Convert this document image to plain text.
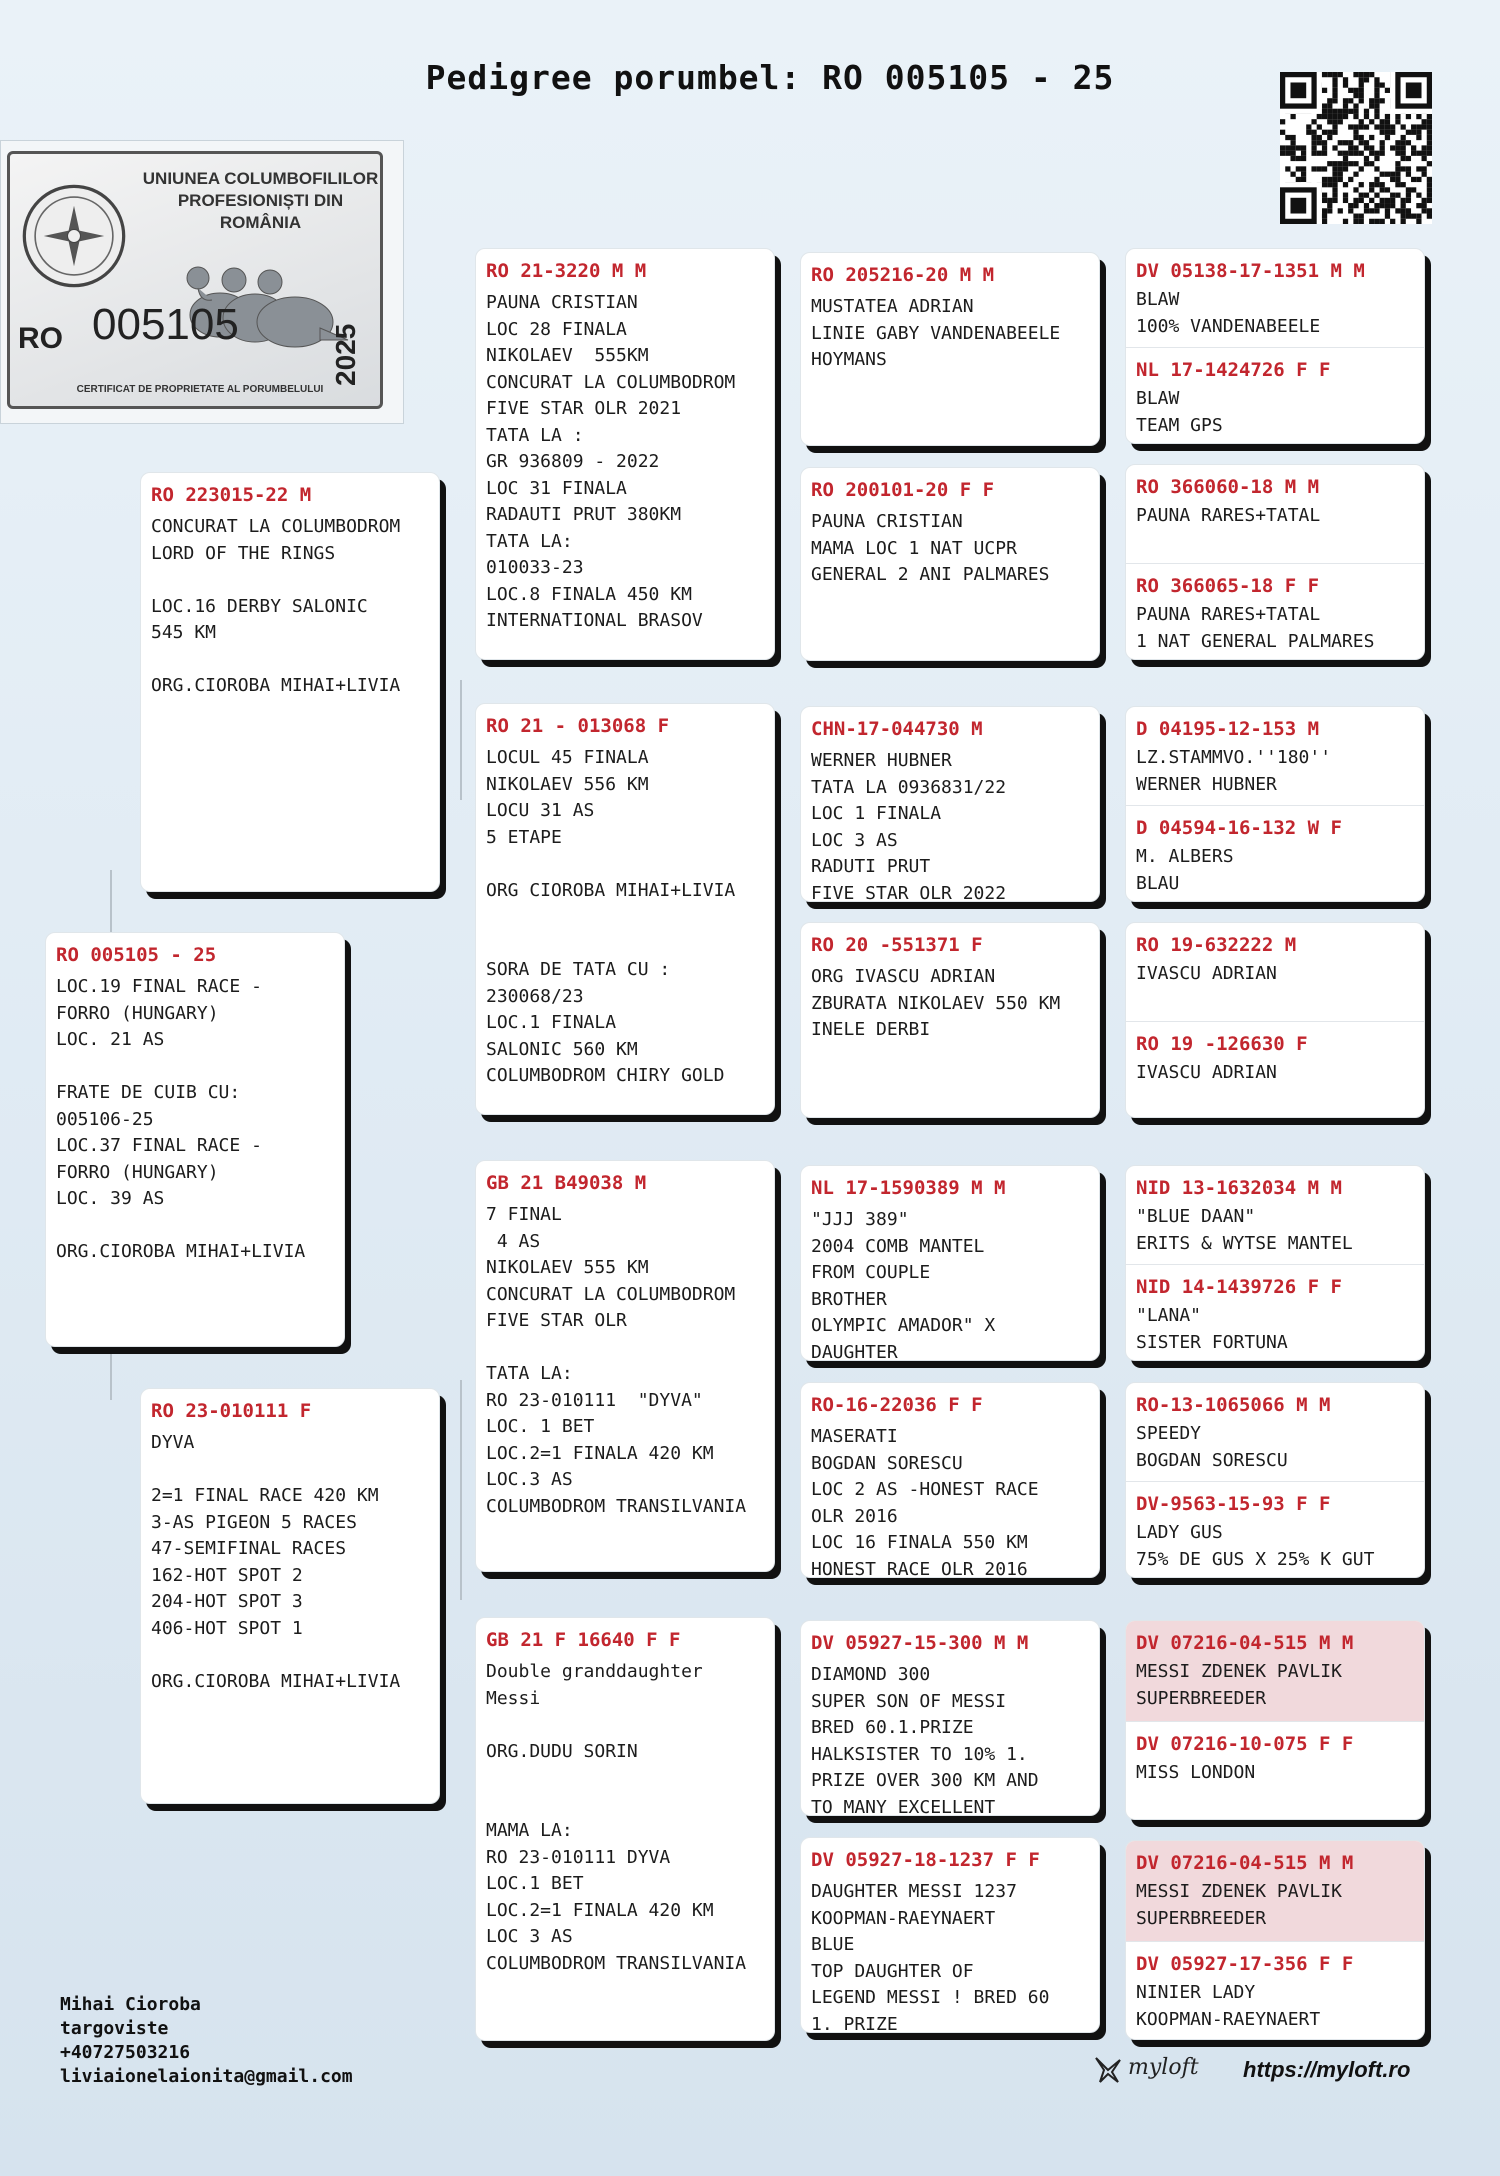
Pedigree porumbel: RO 005105 - 25
UNIUNEA COLUMBOFILILOR PROFESIONIȘTI DIN ROMÂNIA
RO 005105	2025
CERTIFICAT DE PROPRIETATE AL PORUMBELULUI
RO 005105 - 25
LOC.19 FINAL RACE -
FORRO (HUNGARY)
LOC. 21 AS

FRATE DE CUIB CU:
005106-25
LOC.37 FINAL RACE -
FORRO (HUNGARY)
LOC. 39 AS

ORG.CIOROBA MIHAI+LIVIA
RO 223015-22 M
CONCURAT LA COLUMBODROM
LORD OF THE RINGS

LOC.16 DERBY SALONIC
545 KM

ORG.CIOROBA MIHAI+LIVIA
RO 23-010111 F
DYVA

2=1 FINAL RACE 420 KM
3-AS PIGEON 5 RACES
47-SEMIFINAL RACES
162-HOT SPOT 2
204-HOT SPOT 3
406-HOT SPOT 1

ORG.CIOROBA MIHAI+LIVIA
RO 21-3220 M M
PAUNA CRISTIAN
LOC 28 FINALA
NIKOLAEV  555KM
CONCURAT LA COLUMBODROM
FIVE STAR OLR 2021
TATA LA :
GR 936809 - 2022
LOC 31 FINALA
RADAUTI PRUT 380KM
TATA LA:
010033-23
LOC.8 FINALA 450 KM
INTERNATIONAL BRASOV
RO 21 - 013068 F
LOCUL 45 FINALA
NIKOLAEV 556 KM
LOCU 31 AS
5 ETAPE

ORG CIOROBA MIHAI+LIVIA

SORA DE TATA CU :
230068/23
LOC.1 FINALA
SALONIC 560 KM
COLUMBODROM CHIRY GOLD
GB 21 B49038 M
7 FINAL
4 AS
NIKOLAEV 555 KM
CONCURAT LA COLUMBODROM
FIVE STAR OLR

TATA LA:
RO 23-010111  "DYVA"
LOC. 1 BET
LOC.2=1 FINALA 420 KM
LOC.3 AS
COLUMBODROM TRANSILVANIA
GB 21 F 16640 F F
Double granddaughter
Messi

ORG.DUDU SORIN

MAMA LA:
RO 23-010111 DYVA
LOC.1 BET
LOC.2=1 FINALA 420 KM
LOC 3 AS
COLUMBODROM TRANSILVANIA
RO 205216-20 M M
MUSTATEA ADRIAN
LINIE GABY VANDENABEELE
HOYMANS
RO 200101-20 F F
PAUNA CRISTIAN
MAMA LOC 1 NAT UCPR
GENERAL 2 ANI PALMARES
CHN-17-044730 M
WERNER HUBNER
TATA LA 0936831/22
LOC 1 FINALA
LOC 3 AS
RADUTI PRUT
FIVE STAR OLR 2022
RO 20 -551371 F
ORG IVASCU ADRIAN
ZBURATA NIKOLAEV 550 KM
INELE DERBI
NL 17-1590389 M M
"JJJ 389"
2004 COMB MANTEL
FROM COUPLE
BROTHER
OLYMPIC AMADOR" X
DAUGHTER
RO-16-22036 F F
MASERATI
BOGDAN SORESCU
LOC 2 AS -HONEST RACE
OLR 2016
LOC 16 FINALA 550 KM
HONEST RACE OLR 2016
DV 05927-15-300 M M
DIAMOND 300
SUPER SON OF MESSI
BRED 60.1.PRIZE
HALKSISTER TO 10% 1.
PRIZE OVER 300 KM AND
TO MANY EXCELLENT
DV 05927-18-1237 F F
DAUGHTER MESSI 1237
KOOPMAN-RAEYNAERT
BLUE
TOP DAUGHTER OF
LEGEND MESSI ! BRED 60
1. PRIZE
DV 05138-17-1351 M M
BLAW
100% VANDENABEELE
NL 17-1424726 F F
BLAW
TEAM GPS
RO 366060-18 M M
PAUNA RARES+TATAL
RO 366065-18 F F
PAUNA RARES+TATAL
1 NAT GENERAL PALMARES
D 04195-12-153 M
LZ.STAMMVO.''180''
WERNER HUBNER
D 04594-16-132 W F
M. ALBERS
BLAU
RO 19-632222 M
IVASCU ADRIAN
RO 19 -126630 F
IVASCU ADRIAN
NID 13-1632034 M M
"BLUE DAAN"
ERITS & WYTSE MANTEL
NID 14-1439726 F F
"LANA"
SISTER FORTUNA
RO-13-1065066 M M
SPEEDY
BOGDAN SORESCU
DV-9563-15-93 F F
LADY GUS
75% DE GUS X 25% K GUT
DV 07216-04-515 M M
MESSI ZDENEK PAVLIK
SUPERBREEDER
DV 07216-10-075 F F
MISS LONDON
DV 07216-04-515 M M
MESSI ZDENEK PAVLIK
SUPERBREEDER
DV 05927-17-356 F F
NINIER LADY
KOOPMAN-RAEYNAERT
Mihai Cioroba
targoviste
+40727503216
liviaionelaionita@gmail.com	myloft https://myloft.ro
